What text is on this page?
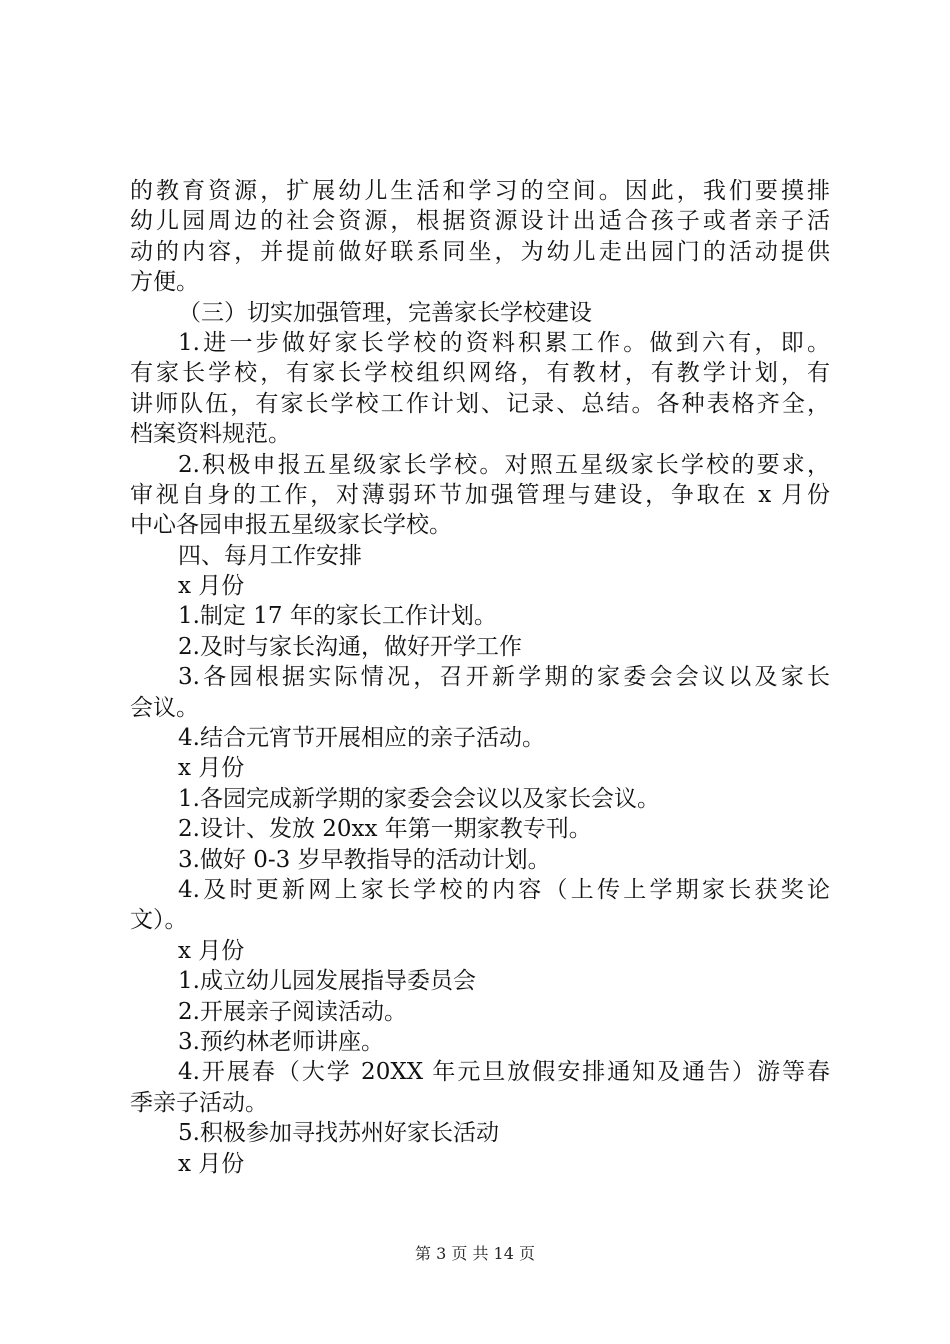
的教育资源，扩展幼儿生活和学习的空间。因此，我们要摸排
幼儿园周边的社会资源，根据资源设计出适合孩子或者亲子活
动的内容，并提前做好联系同坐，为幼儿走出园门的活动提供
方便。
（三）切实加强管理，完善家长学校建设
1.进一步做好家长学校的资料积累工作。做到六有，即。
有家长学校，有家长学校组织网络，有教材，有教学计划，有
讲师队伍，有家长学校工作计划、记录、总结。各种表格齐全，
档案资料规范。
2.积极申报五星级家长学校。对照五星级家长学校的要求，
审视自身的工作，对薄弱环节加强管理与建设，争取在 x 月份
中心各园申报五星级家长学校。
四、每月工作安排
x 月份
1.制定 17 年的家长工作计划。
2.及时与家长沟通，做好开学工作
3.各园根据实际情况，召开新学期的家委会会议以及家长
会议。
4.结合元宵节开展相应的亲子活动。
x 月份
1.各园完成新学期的家委会会议以及家长会议。
2.设计、发放 20xx 年第一期家教专刊。
3.做好 0-3 岁早教指导的活动计划。
4.及时更新网上家长学校的内容（上传上学期家长获奖论
文）。
x 月份
1.成立幼儿园发展指导委员会
2.开展亲子阅读活动。
3.预约林老师讲座。
4.开展春（大学 20XX 年元旦放假安排通知及通告）游等春
季亲子活动。
5.积极参加寻找苏州好家长活动
x 月份
第 3 页 共 14 页
